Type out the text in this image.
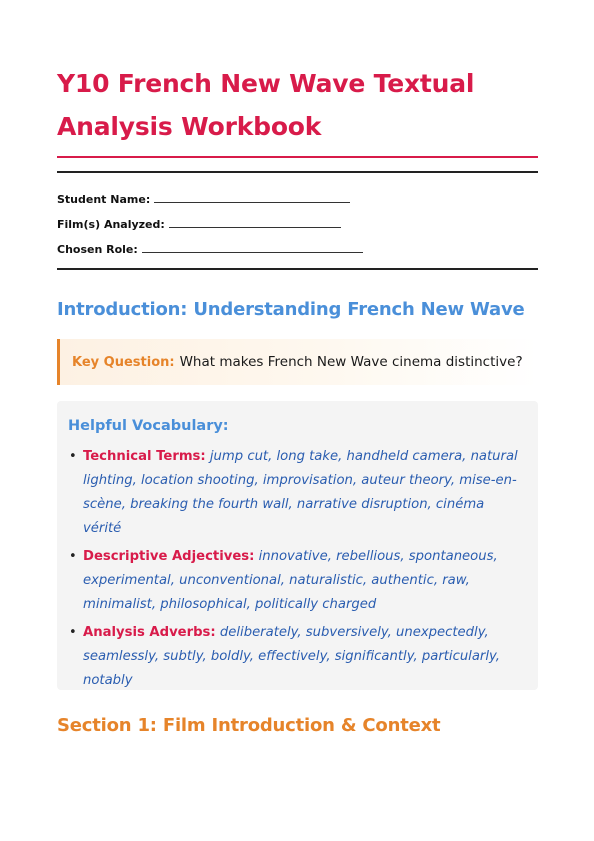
Y10 French New Wave Textual Analysis Workbook
Student Name:
Film(s) Analyzed:
Chosen Role:
Introduction: Understanding French New Wave
Key Question: What makes French New Wave cinema distinctive?
Helpful Vocabulary:
• Technical Terms: jump cut, long take, handheld camera, natural lighting, location shooting, improvisation, auteur theory, mise-en-scène, breaking the fourth wall, narrative disruption, cinéma vérité
• Descriptive Adjectives: innovative, rebellious, spontaneous, experimental, unconventional, naturalistic, authentic, raw, minimalist, philosophical, politically charged
• Analysis Adverbs: deliberately, subversively, unexpectedly, seamlessly, subtly, boldly, effectively, significantly, particularly, notably
Section 1: Film Introduction & Context
